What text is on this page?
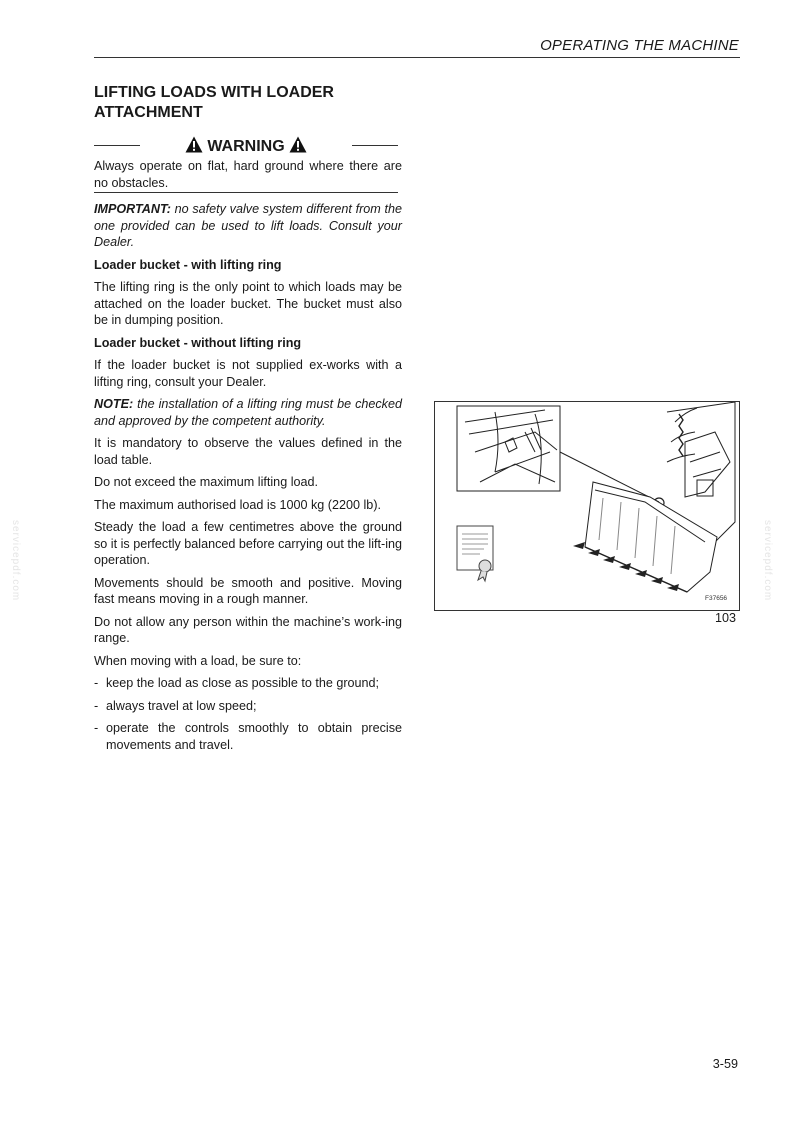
OPERATING THE MACHINE
LIFTING LOADS WITH LOADER
ATTACHMENT
WARNING
Always operate on flat, hard ground where there are no obstacles.

IMPORTANT: no safety valve system different from the one provided can be used to lift loads. Consult your Dealer.

Loader bucket - with lifting ring

The lifting ring is the only point to which loads may be attached on the loader bucket. The bucket must also be in dumping position.

Loader bucket - without lifting ring

If the loader bucket is not supplied ex-works with a lifting ring, consult your Dealer.

NOTE: the installation of a lifting ring must be checked and approved by the competent authority.

It is mandatory to observe the values defined in the load table.

Do not exceed the maximum lifting load.

The maximum authorised load is 1000 kg (2200 lb).

Steady the load a few centimetres above the ground so it is perfectly balanced before carrying out the lift-ing operation.

Movements should be smooth and positive. Moving fast means moving in a rough manner.

Do not allow any person within the machine’s work-ing range.

When moving with a load, be sure to:

- keep the load as close as possible to the ground;
- always travel at low speed;
- operate the controls smoothly to obtain precise movements and travel.
F37656
103
servicepdf.com	servicepdf.com
3-59
